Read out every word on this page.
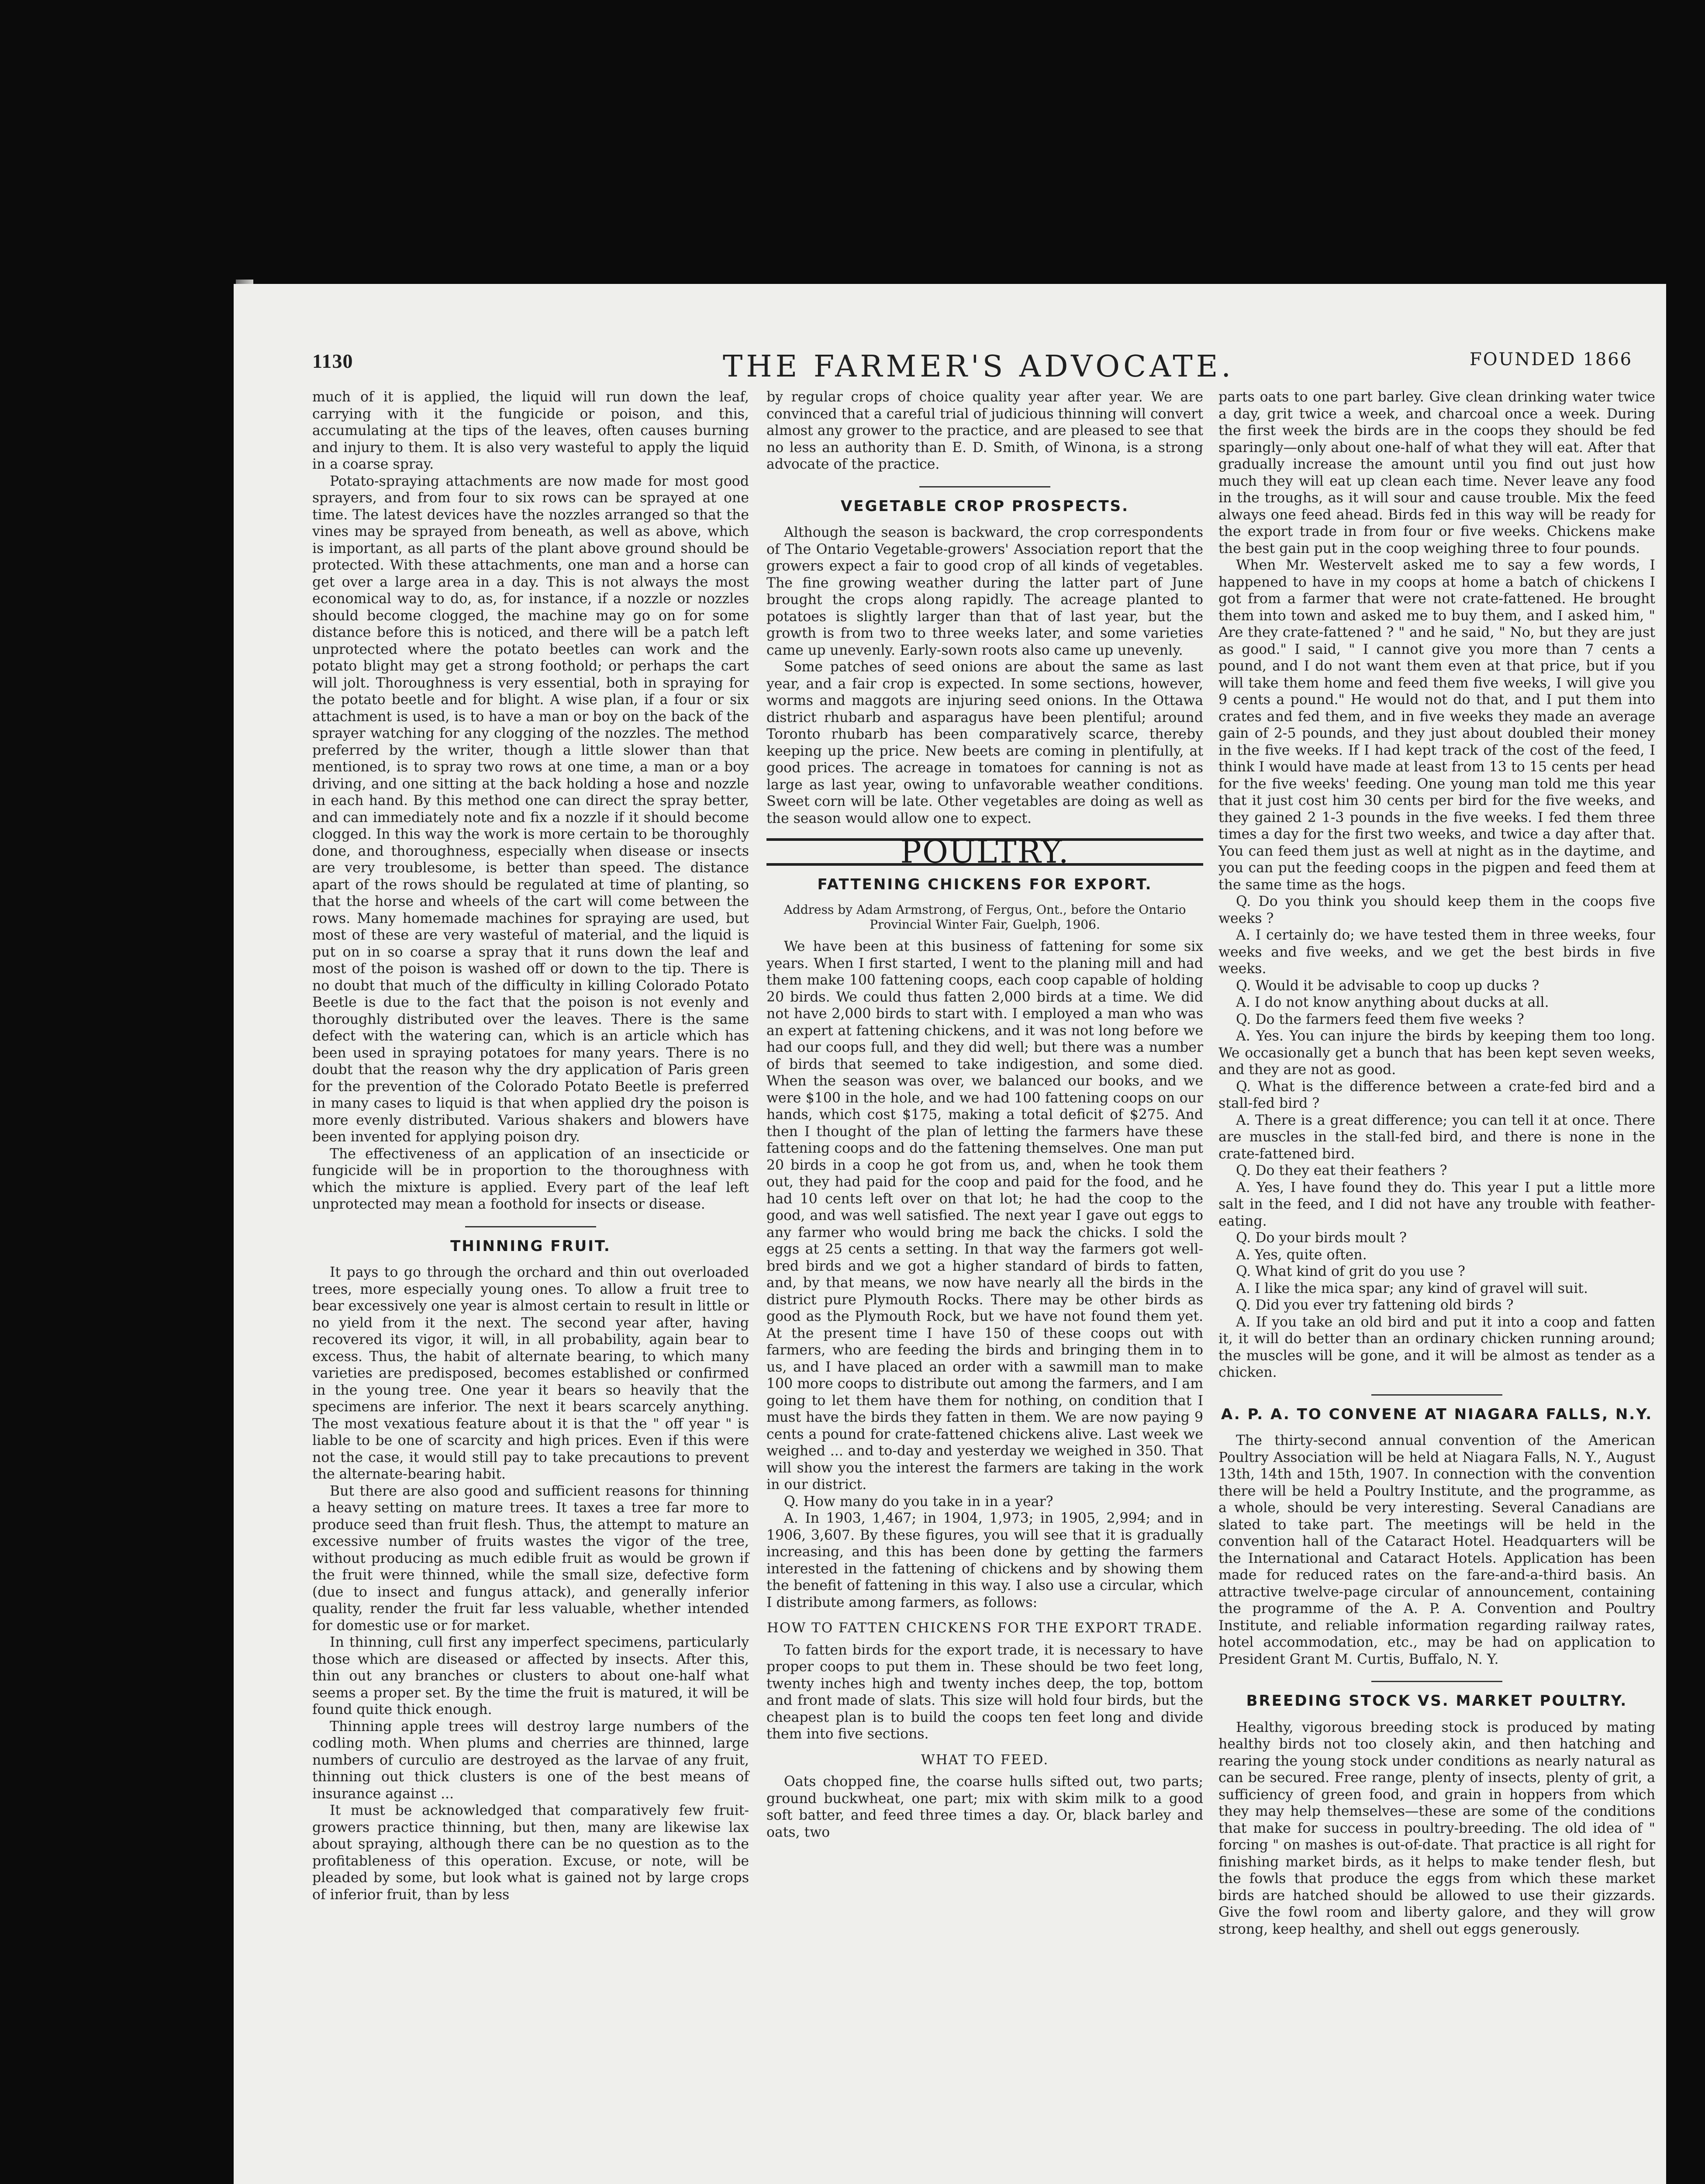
1130	THE FARMER'S ADVOCATE.	FOUNDED 1866

much of it is applied, the liquid will run down the leaf, carrying with it the fungicide or poison, and this, accumulating at the tips of the leaves, often causes burning and injury to them. It is also very wasteful to apply the liquid in a coarse spray.

Potato-spraying attachments are now made for most good sprayers, and from four to six rows can be sprayed at one time. The latest devices have the nozzles arranged so that the vines may be sprayed from beneath, as well as above, which is important, as all parts of the plant above ground should be protected. With these attachments, one man and a horse can get over a large area in a day. This is not always the most economical way to do, as, for instance, if a nozzle or nozzles should become clogged, the machine may go on for some distance before this is noticed, and there will be a patch left unprotected where the potato beetles can work and the potato blight may get a strong foothold; or perhaps the cart will jolt. Thoroughness is very essential, both in spraying for the potato beetle and for blight. A wise plan, if a four or six attachment is used, is to have a man or boy on the back of the sprayer watching for any clogging of the nozzles. The method preferred by the writer, though a little slower than that mentioned, is to spray two rows at one time, a man or a boy driving, and one sitting at the back holding a hose and nozzle in each hand. By this method one can direct the spray better, and can immediately note and fix a nozzle if it should become clogged. In this way the work is more certain to be thoroughly done, and thoroughness, especially when disease or insects are very troublesome, is better than speed. The distance apart of the rows should be regulated at time of planting, so that the horse and wheels of the cart will come between the rows. Many homemade machines for spraying are used, but most of these are very wasteful of material, and the liquid is put on in so coarse a spray that it runs down the leaf and most of the poison is washed off or down to the tip. There is no doubt that much of the difficulty in killing Colorado Potato Beetle is due to the fact that the poison is not evenly and thoroughly distributed over the leaves. There is the same defect with the watering can, which is an article which has been used in spraying potatoes for many years. There is no doubt that the reason why the dry application of Paris green for the prevention of the Colorado Potato Beetle is preferred in many cases to liquid is that when applied dry the poison is more evenly distributed. Various shakers and blowers have been invented for applying poison dry.

The effectiveness of an application of an insecticide or fungicide will be in proportion to the thoroughness with which the mixture is applied. Every part of the leaf left unprotected may mean a foothold for insects or disease.

THINNING FRUIT.

It pays to go through the orchard and thin out overloaded trees, more especially young ones. To allow a fruit tree to bear excessively one year is almost certain to result in little or no yield from it the next. The second year after, having recovered its vigor, it will, in all probability, again bear to excess. Thus, the habit of alternate bearing, to which many varieties are predisposed, becomes established or confirmed in the young tree. One year it bears so heavily that the specimens are inferior. The next it bears scarcely anything. The most vexatious feature about it is that the " off year " is liable to be one of scarcity and high prices. Even if this were not the case, it would still pay to take precautions to prevent the alternate-bearing habit.

But there are also good and sufficient reasons for thinning a heavy setting on mature trees. It taxes a tree far more to produce seed than fruit flesh. Thus, the attempt to mature an excessive number of fruits wastes the vigor of the tree, without producing as much edible fruit as would be grown if the fruit were thinned, while the small size, defective form (due to insect and fungus attack), and generally inferior quality, render the fruit far less valuable, whether intended for domestic use or for market.

In thinning, cull first any imperfect specimens, particularly those which are diseased or affected by insects. After this, thin out any branches or clusters to about one-half what seems a proper set. By the time the fruit is matured, it will be found quite thick enough.

Thinning apple trees will destroy large numbers of the codling moth. When plums and cherries are thinned, large numbers of curculio are destroyed as the larvae of any fruit, thinning out thick clusters is one of the best means of insurance against ...

It must be acknowledged that comparatively few fruit-growers practice thinning, but then, many are likewise lax about spraying, although there can be no question as to the profitableness of this operation. Excuse, or note, will be pleaded by some, but look what is gained not by large crops of inferior fruit, than by less

by regular crops of choice quality year after year. We are convinced that a careful trial of judicious thinning will convert almost any grower to the practice, and are pleased to see that no less an authority than E. D. Smith, of Winona, is a strong advocate of the practice.

VEGETABLE CROP PROSPECTS.

Although the season is backward, the crop correspondents of The Ontario Vegetable-growers' Association report that the growers expect a fair to good crop of all kinds of vegetables. The fine growing weather during the latter part of June brought the crops along rapidly. The acreage planted to potatoes is slightly larger than that of last year, but the growth is from two to three weeks later, and some varieties came up unevenly. Early-sown roots also came up unevenly.

Some patches of seed onions are about the same as last year, and a fair crop is expected. In some sections, however, worms and maggots are injuring seed onions. In the Ottawa district rhubarb and asparagus have been plentiful; around Toronto rhubarb has been comparatively scarce, thereby keeping up the price. New beets are coming in plentifully, at good prices. The acreage in tomatoes for canning is not as large as last year, owing to unfavorable weather conditions. Sweet corn will be late. Other vegetables are doing as well as the season would allow one to expect.

POULTRY.
FATTENING CHICKENS FOR EXPORT.
Address by Adam Armstrong, of Fergus, Ont., before the Ontario Provincial Winter Fair, Guelph, 1906.

We have been at this business of fattening for some six years. When I first started, I went to the planing mill and had them make 100 fattening coops, each coop capable of holding 20 birds. We could thus fatten 2,000 birds at a time. We did not have 2,000 birds to start with. I employed a man who was an expert at fattening chickens, and it was not long before we had our coops full, and they did well; but there was a number of birds that seemed to take indigestion, and some died. When the season was over, we balanced our books, and we were $100 in the hole, and we had 100 fattening coops on our hands, which cost $175, making a total deficit of $275. And then I thought of the plan of letting the farmers have these fattening coops and do the fattening themselves. One man put 20 birds in a coop he got from us, and, when he took them out, they had paid for the coop and paid for the food, and he had 10 cents left over on that lot; he had the coop to the good, and was well satisfied. The next year I gave out eggs to any farmer who would bring me back the chicks. I sold the eggs at 25 cents a setting. In that way the farmers got well-bred birds and we got a higher standard of birds to fatten, and, by that means, we now have nearly all the birds in the district pure Plymouth Rocks. There may be other birds as good as the Plymouth Rock, but we have not found them yet. At the present time I have 150 of these coops out with farmers, who are feeding the birds and bringing them in to us, and I have placed an order with a sawmill man to make 100 more coops to distribute out among the farmers, and I am going to let them have them for nothing, on condition that I must have the birds they fatten in them. We are now paying 9 cents a pound for crate-fattened chickens alive. Last week we weighed ... and to-day and yesterday we weighed in 350. That will show you the interest the farmers are taking in the work in our district.

Q. How many do you take in in a year?

A. In 1903, 1,467; in 1904, 1,973; in 1905, 2,994; and in 1906, 3,607. By these figures, you will see that it is gradually increasing, and this has been done by getting the farmers interested in the fattening of chickens and by showing them the benefit of fattening in this way. I also use a circular, which I distribute among farmers, as follows:

HOW TO FATTEN CHICKENS FOR THE EXPORT TRADE.

To fatten birds for the export trade, it is necessary to have proper coops to put them in. These should be two feet long, twenty inches high and twenty inches deep, the top, bottom and front made of slats. This size will hold four birds, but the cheapest plan is to build the coops ten feet long and divide them into five sections.

WHAT TO FEED.

Oats chopped fine, the coarse hulls sifted out, two parts; ground buckwheat, one part; mix with skim milk to a good soft batter, and feed three times a day. Or, black barley and oats, two

parts oats to one part barley. Give clean drinking water twice a day, grit twice a week, and charcoal once a week. During the first week the birds are in the coops they should be fed sparingly—only about one-half of what they will eat. After that gradually increase the amount until you find out just how much they will eat up clean each time. Never leave any food in the troughs, as it will sour and cause trouble. Mix the feed always one feed ahead. Birds fed in this way will be ready for the export trade in from four or five weeks. Chickens make the best gain put in the coop weighing three to four pounds.

When Mr. Westervelt asked me to say a few words, I happened to have in my coops at home a batch of chickens I got from a farmer that were not crate-fattened. He brought them into town and asked me to buy them, and I asked him, " Are they crate-fattened ? " and he said, " No, but they are just as good." I said, " I cannot give you more than 7 cents a pound, and I do not want them even at that price, but if you will take them home and feed them five weeks, I will give you 9 cents a pound." He would not do that, and I put them into crates and fed them, and in five weeks they made an average gain of 2-5 pounds, and they just about doubled their money in the five weeks. If I had kept track of the cost of the feed, I think I would have made at least from 13 to 15 cents per head for the five weeks' feeding. One young man told me this year that it just cost him 30 cents per bird for the five weeks, and they gained 2 1-3 pounds in the five weeks. I fed them three times a day for the first two weeks, and twice a day after that. You can feed them just as well at night as in the daytime, and you can put the feeding coops in the pigpen and feed them at the same time as the hogs.

Q. Do you think you should keep them in the coops five weeks ?

A. I certainly do; we have tested them in three weeks, four weeks and five weeks, and we get the best birds in five weeks.

Q. Would it be advisable to coop up ducks ?

A. I do not know anything about ducks at all.

Q. Do the farmers feed them five weeks ?

A. Yes. You can injure the birds by keeping them too long. We occasionally get a bunch that has been kept seven weeks, and they are not as good.

Q. What is the difference between a crate-fed bird and a stall-fed bird ?

A. There is a great difference; you can tell it at once. There are muscles in the stall-fed bird, and there is none in the crate-fattened bird.

Q. Do they eat their feathers ?

A. Yes, I have found they do. This year I put a little more salt in the feed, and I did not have any trouble with feather-eating.

Q. Do your birds moult ?

A. Yes, quite often.

Q. What kind of grit do you use ?

A. I like the mica spar; any kind of gravel will suit.

Q. Did you ever try fattening old birds ?

A. If you take an old bird and put it into a coop and fatten it, it will do better than an ordinary chicken running around; the muscles will be gone, and it will be almost as tender as a chicken.

A. P. A. TO CONVENE AT NIAGARA FALLS, N.Y.

The thirty-second annual convention of the American Poultry Association will be held at Niagara Falls, N. Y., August 13th, 14th and 15th, 1907. In connection with the convention there will be held a Poultry Institute, and the programme, as a whole, should be very interesting. Several Canadians are slated to take part. The meetings will be held in the convention hall of the Cataract Hotel. Headquarters will be the International and Cataract Hotels. Application has been made for reduced rates on the fare-and-a-third basis. An attractive twelve-page circular of announcement, containing the programme of the A. P. A. Convention and Poultry Institute, and reliable information regarding railway rates, hotel accommodation, etc., may be had on application to President Grant M. Curtis, Buffalo, N. Y.

BREEDING STOCK VS. MARKET POULTRY.

Healthy, vigorous breeding stock is produced by mating healthy birds not too closely akin, and then hatching and rearing the young stock under conditions as nearly natural as can be secured. Free range, plenty of insects, plenty of grit, a sufficiency of green food, and grain in hoppers from which they may help themselves—these are some of the conditions that make for success in poultry-breeding. The old idea of " forcing " on mashes is out-of-date. That practice is all right for finishing market birds, as it helps to make tender flesh, but the fowls that produce the eggs from which these market birds are hatched should be allowed to use their gizzards. Give the fowl room and liberty galore, and they will grow strong, keep healthy, and shell out eggs generously.
